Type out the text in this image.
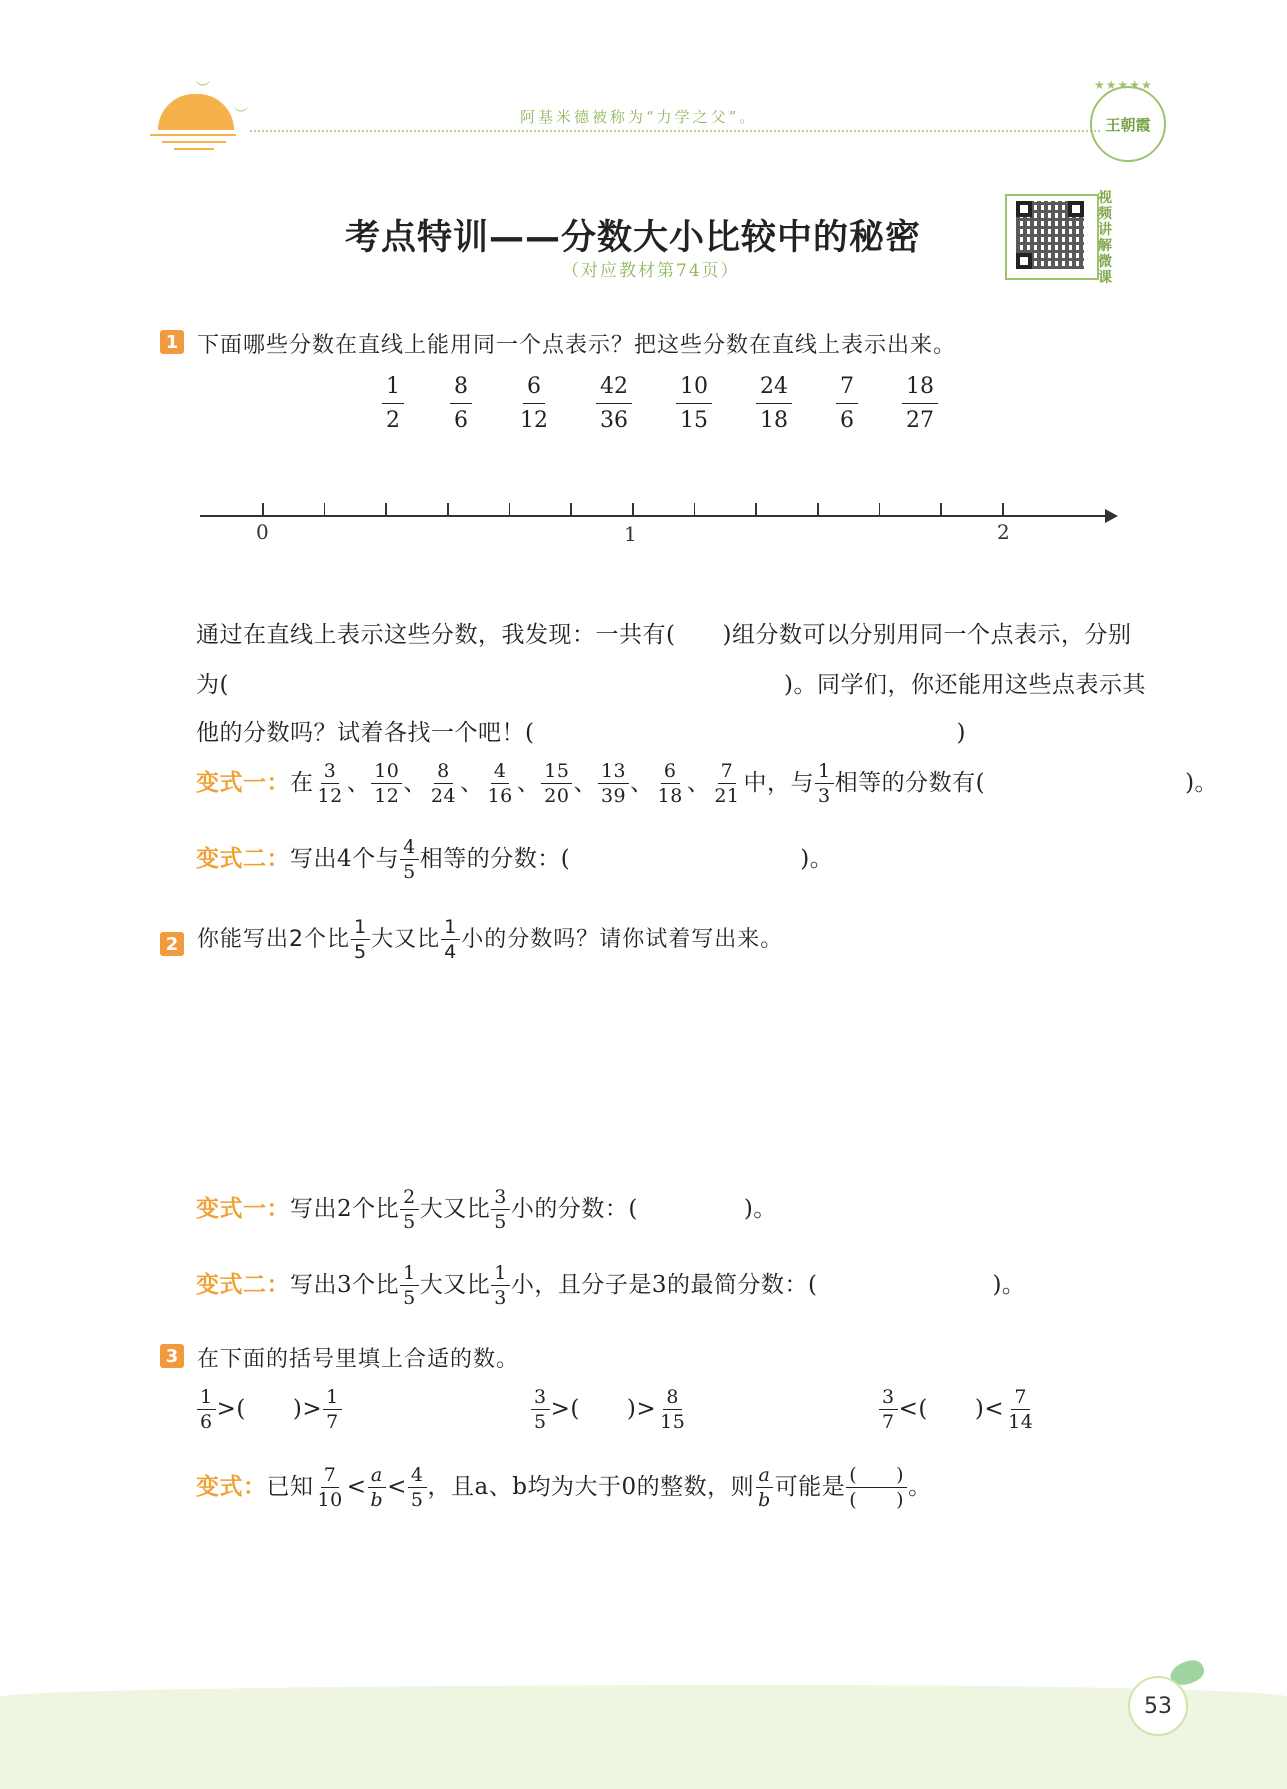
︶
︶	阿基米德被称为“力学之父”。
★★★★★
王朝霞
考点特训——分数大小比较中的秘密
（对应教材第74页）
视频讲解微课
1 下面哪些分数在直线上能用同一个点表示？把这些分数在直线上表示出来。
$\frac{1}{2} \frac{8}{6} \frac{6}{12} \frac{42}{36} \frac{10}{15} \frac{24}{18} \frac{7}{6} \frac{18}{27}$
0	1	2
通过在直线上表示这些分数，我发现：一共有(　　)组分数可以分别用同一个点表示，分别
为(	)。同学们，你还能用这些点表示其
他的分数吗？试着各找一个吧！(	)
变式一：在 $\frac{3}{12}$ 、 $\frac{10}{12}$ 、 $\frac{8}{24}$ 、 $\frac{4}{16}$ 、 $\frac{15}{20}$ 、 $\frac{13}{39}$ 、 $\frac{6}{18}$ 、 $\frac{7}{21}$ 中，与 $\frac{1}{3}$ 相等的分数有(	)。
变式二：写出4个与 $\frac{4}{5}$ 相等的分数：(	)。
2 你能写出2个比 $\frac{1}{5}$ 大又比 $\frac{1}{4}$ 小的分数吗？请你试着写出来。
变式一：写出2个比 $\frac{2}{5}$ 大又比 $\frac{3}{5}$ 小的分数：(	)。
变式二：写出3个比 $\frac{1}{5}$ 大又比 $\frac{1}{3}$ 小，且分子是3的最简分数：(	)。
3 在下面的括号里填上合适的数。
$\frac{1}{6}$ >(　　)> $\frac{1}{7}$	$\frac{3}{5}$ >(　　)> $\frac{8}{15}$	$\frac{3}{7}$ <(　　)< $\frac{7}{14}$
变式：已知 $\frac{7}{10} < \frac{a}{b} < \frac{4}{5}$ ，且a、b均为大于0的整数，则 $\frac{a}{b}$ 可能是 $\frac{( )}{( )}$ 。
53
